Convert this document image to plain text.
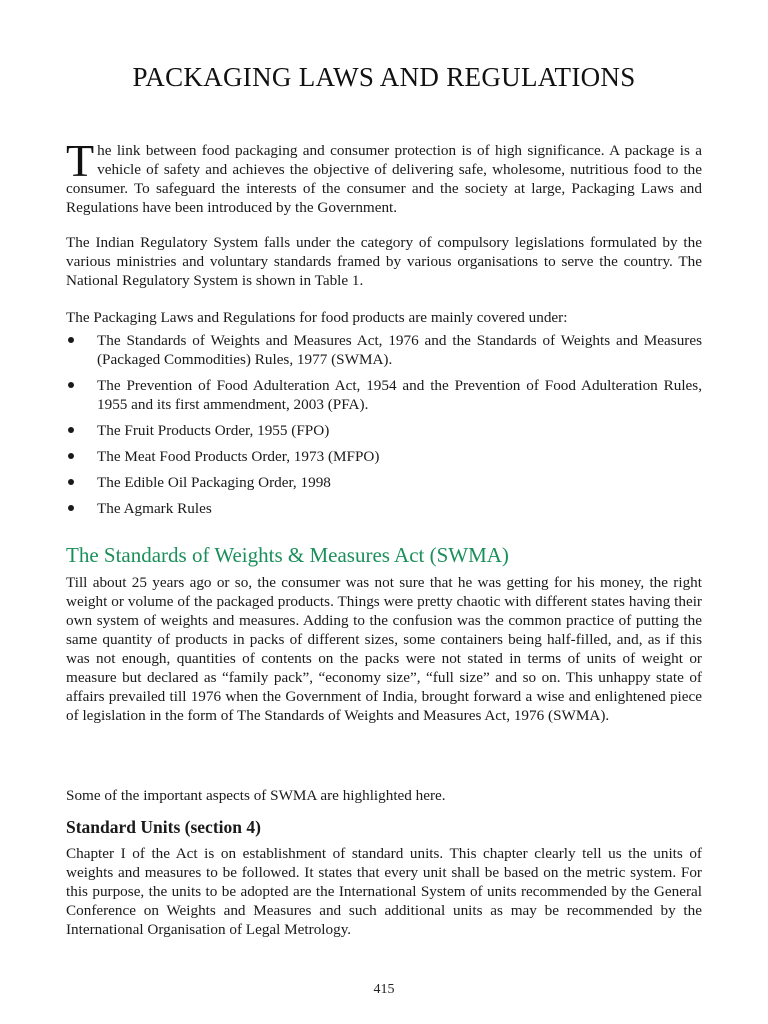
PACKAGING LAWS AND REGULATIONS

The link between food packaging and consumer protection is of high significance. A package is a vehicle of safety and achieves the objective of delivering safe, wholesome, nutritious food to the consumer. To safeguard the interests of the consumer and the society at large, Packaging Laws and Regulations have been introduced by the Government.

The Indian Regulatory System falls under the category of compulsory legislations formulated by the various ministries and voluntary standards framed by various organisations to serve the country. The National Regulatory System is shown in Table 1.

The Packaging Laws and Regulations for food products are mainly covered under:

The Standards of Weights and Measures Act, 1976 and the Standards of Weights and Measures (Packaged Commodities) Rules, 1977 (SWMA).
The Prevention of Food Adulteration Act, 1954 and the Prevention of Food Adulteration Rules, 1955 and its first ammendment, 2003 (PFA).
The Fruit Products Order, 1955 (FPO)
The Meat Food Products Order, 1973 (MFPO)
The Edible Oil Packaging Order, 1998
The Agmark Rules
The Standards of Weights & Measures Act (SWMA)

Till about 25 years ago or so, the consumer was not sure that he was getting for his money, the right weight or volume of the packaged products. Things were pretty chaotic with different states having their own system of weights and measures. Adding to the confusion was the common practice of putting the same quantity of products in packs of different sizes, some containers being half-filled, and, as if this was not enough, quantities of contents on the packs were not stated in terms of units of weight or measure but declared as “family pack”, “economy size”, “full size” and so on. This unhappy state of affairs prevailed till 1976 when the Government of India, brought forward a wise and enlightened piece of legislation in the form of The Standards of Weights and Measures Act, 1976 (SWMA).

Some of the important aspects of SWMA are highlighted here.

Standard Units (section 4)

Chapter I of the Act is on establishment of standard units. This chapter clearly tell us the units of weights and measures to be followed. It states that every unit shall be based on the metric system. For this purpose, the units to be adopted are the International System of units recommended by the General Conference on Weights and Measures and such additional units as may be recommended by the International Organisation of Legal Metrology.

415
